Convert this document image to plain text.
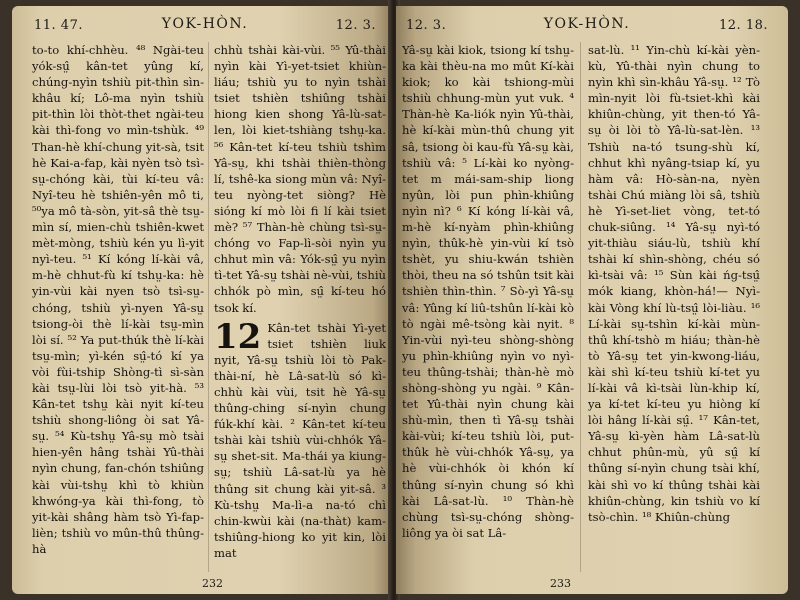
11. 47.	YOK-HÒN.	12. 3.

to-to khí-chhèu. ⁴⁸ Ngài-teu yók-sṳ̂ kân-tet yûng kí, chúng-nyìn tshiù pit-thìn sìn-khâu kí; Lô-ma nyìn tshiù pit-thìn lòi thòt-thet ngài-teu kài thì-fong vo mìn-tshùk. ⁴⁹ Than-hè khí-chung yit-sà, tsit hè Kai-a-fap, kài nyèn tsò tsì-sṳ-chóng kài, tùi kí-teu vâ: Nyî-teu hè tshiên-yên mô ti, ⁵⁰ya mô tà-sòn, yit-sâ thè tsṳ-mìn sí, mien-chù tshiên-kwet mèt-mòng, tshiù kén yu lì-yit nyì-teu. ⁵¹ Kí kóng lí-kài vâ, m-hè chhut-fù kí tshṳ-ka: hè yin-vùi kài nyen tsò tsì-sṳ-chóng, tshiù yì-nyen Yâ-sṳ tsiong-òi thè lí-kài tsṳ-mìn lòi sí. ⁵² Ya put-thúk thè lí-kài tsṳ-mìn; yì-kén sṳ̂-tó kí ya vòi fùi-tship Shòng-tì sì-sàn kài tsṳ-lùi lòi tsò yit-hà. ⁵³ Kân-tet tshṳ kài nyit kí-teu tshiù shong-liông òi sat Yâ-sṳ. ⁵⁴ Kù-tshṳ Yâ-sṳ mò tsài hien-yên hâng tshài Yû-thài nyìn chung, fan-chón tshiûng kài vùi-tshṳ khì tò khiùn khwóng-ya kài thì-fong, tò yit-kài shâng hàm tsò Yì-fap-lièn; tshiù vo mûn-thû thûng-hà

chhù tshài kài-vùi. ⁵⁵ Yû-thài nyìn kài Yì-yet-tsiet khiùn-liáu; tshiù yu to nyìn tshài tsiet tshièn tshiûng tshài hiong kien shong Yâ-lù-sat-len, lòi kiet-tshiàng tshṳ-ka. ⁵⁶ Kân-tet kí-teu tshiù tshìm Yâ-sṳ, khi tshài thièn-thòng lí, tshê-ka siong mùn vâ: Nyî-teu nyòng-tet siòng? Hè sióng kí mò lòi fi lí kài tsiet mè? ⁵⁷ Thàn-hè chùng tsì-sṳ-chóng vo Fap-lì-sòi nyìn yu chhut mìn vâ: Yók-sṳ̂ yu nyìn tì-tet Yâ-sṳ tshài nè-vùi, tshiù chhók pò mìn, sṳ̂ kí-teu hó tsok kí.

12 Kân-tet tshài Yì-yet tsiet tshièn liuk nyit, Yâ-sṳ tshiù lòi tò Pak-thài-ní, hè Lâ-sat-lù só kì-chhù kài vùi, tsit hè Yâ-sṳ thûng-ching sí-nyìn chung fúk-khí kài. ² Kân-tet kí-teu tshài kài tshiù vùi-chhók Yâ-sṳ shet-sit. Ma-thái ya kiung-sṳ; tshiù Lâ-sat-lù ya hè thûng sit chung kài yit-sâ. ³ Kù-tshṳ Ma-lì-a na-tó chì chin-kwùi kài (na-thàt) kam-tshiûng-hiong ko yit kin, lòi mat

232
12. 3.	YOK-HÒN.	12. 18.

Yâ-sṳ kài kiok, tsiong kí tshṳ-ka kài thèu-na mo mût Kí-kài kiok; ko kài tshiong-mùi tshiù chhung-mùn yut vuk. ⁴ Thàn-hè Ka-liók nyìn Yû-thài, hè kí-kài mùn-thû chung yit sâ, tsiong òi kau-fù Yâ-sṳ kài, tshiù vâ: ⁵ Lí-kài ko nyòng-tet m mái-sam-ship liong nyûn, lòi pun phìn-khiûng nyìn nì? ⁶ Kí kóng lí-kài vâ, m-hè kí-nyàm phìn-khiûng nyìn, thûk-hè yin-vùi kí tsò tshèt, yu shiu-kwán tshièn thòi, theu na só tshûn tsit kài tshièn thìn-thìn. ⁷ Sò-yì Yâ-sṳ vâ: Yûng kí liû-tshûn lí-kài kò tò ngài mê-tsòng kài nyit. ⁸ Yin-vùi nyì-teu shòng-shòng yu phìn-khiûng nyìn vo nyì-teu thûng-tshài; thàn-hè mò shòng-shòng yu ngài. ⁹ Kân-tet Yû-thài nyìn chung kài shù-mìn, then tì Yâ-sṳ tshài kài-vùi; kí-teu tshiù lòi, put-thûk hè vùi-chhók Yâ-sṳ, ya hè vùi-chhók òi khón kí thûng sí-nyìn chung só khì kài Lâ-sat-lù. ¹⁰ Thàn-hè chùng tsì-sṳ-chóng shòng-liông ya òi sat Lâ-

sat-lù. ¹¹ Yin-chù kí-kài yèn-kù, Yû-thài nyìn chung to nyìn khì sìn-khâu Yâ-sṳ. ¹² Tò mìn-nyit lòi fù-tsiet-khì kài khiûn-chùng, yit then-tó Yâ-sṳ òi lòi tò Yâ-lù-sat-lèn. ¹³ Tshiù na-tó tsung-shù kí, chhut khì nyâng-tsiap kí, yu hàm vâ: Hò-sàn-na, nyèn tshài Chú miàng lòi sâ, tshiù hè Yì-set-liet vòng, tet-tó chuk-siûng. ¹⁴ Yâ-sṳ nyì-tó yit-thiàu siáu-lù, tshiù khí tshài kí shìn-shòng, chéu só kì-tsài vâ: ¹⁵ Sùn kài ńg-tsṳ̂ mók kiang, khòn-há!— Nyì-kài Vòng khí lù-tsṳ̂ lòi-liàu. ¹⁶ Lí-kài sṳ-tshìn kí-kài mùn-thû khí-tshò m hiáu; thàn-hè tò Yâ-sṳ tet yin-kwong-liáu, kài shì kí-teu tshiù kí-tet yu lí-kài vâ kì-tsài lùn-khip kí, ya kí-tet kí-teu yu hiòng kí lòi hâng lí-kài sṳ̂. ¹⁷ Kân-tet, Yâ-sṳ kì-yèn hàm Lâ-sat-lù chhut phûn-mù, yû sṳ̂ kí thûng sí-nyìn chung tsài khí, kài shì vo kí thûng tshài kài khiûn-chùng, kin tshiù vo kí tsò-chìn. ¹⁸ Khiûn-chùng

233
